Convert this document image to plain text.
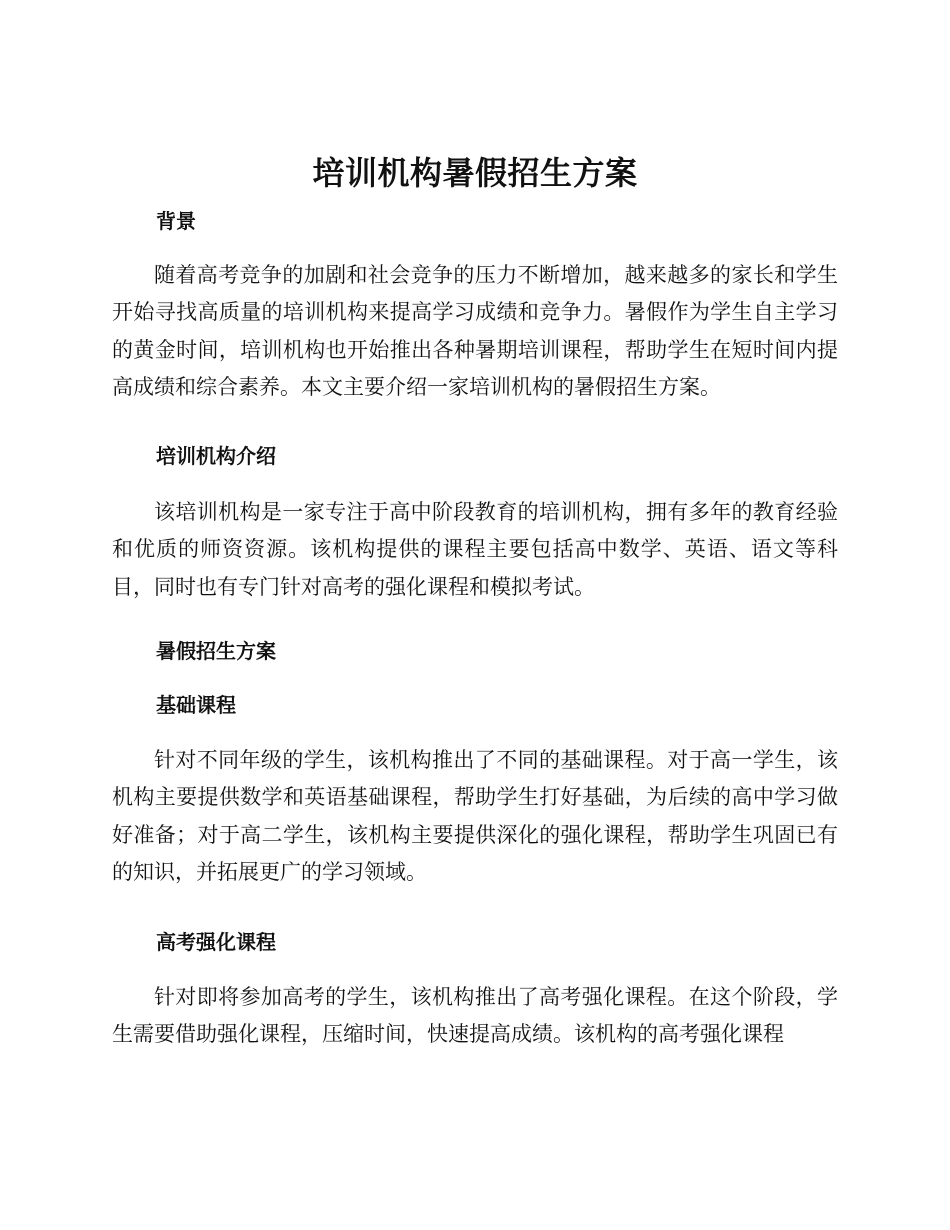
培训机构暑假招生方案
背景

随着高考竞争的加剧和社会竞争的压力不断增加，越来越多的家长和学生开始寻找高质量的培训机构来提高学习成绩和竞争力。暑假作为学生自主学习的黄金时间，培训机构也开始推出各种暑期培训课程，帮助学生在短时间内提高成绩和综合素养。本文主要介绍一家培训机构的暑假招生方案。

培训机构介绍

该培训机构是一家专注于高中阶段教育的培训机构，拥有多年的教育经验和优质的师资资源。该机构提供的课程主要包括高中数学、英语、语文等科目，同时也有专门针对高考的强化课程和模拟考试。

暑假招生方案
基础课程

针对不同年级的学生，该机构推出了不同的基础课程。对于高一学生，该机构主要提供数学和英语基础课程，帮助学生打好基础，为后续的高中学习做好准备；对于高二学生，该机构主要提供深化的强化课程，帮助学生巩固已有的知识，并拓展更广的学习领域。

高考强化课程

针对即将参加高考的学生，该机构推出了高考强化课程。在这个阶段，学生需要借助强化课程，压缩时间，快速提高成绩。该机构的高考强化课程
